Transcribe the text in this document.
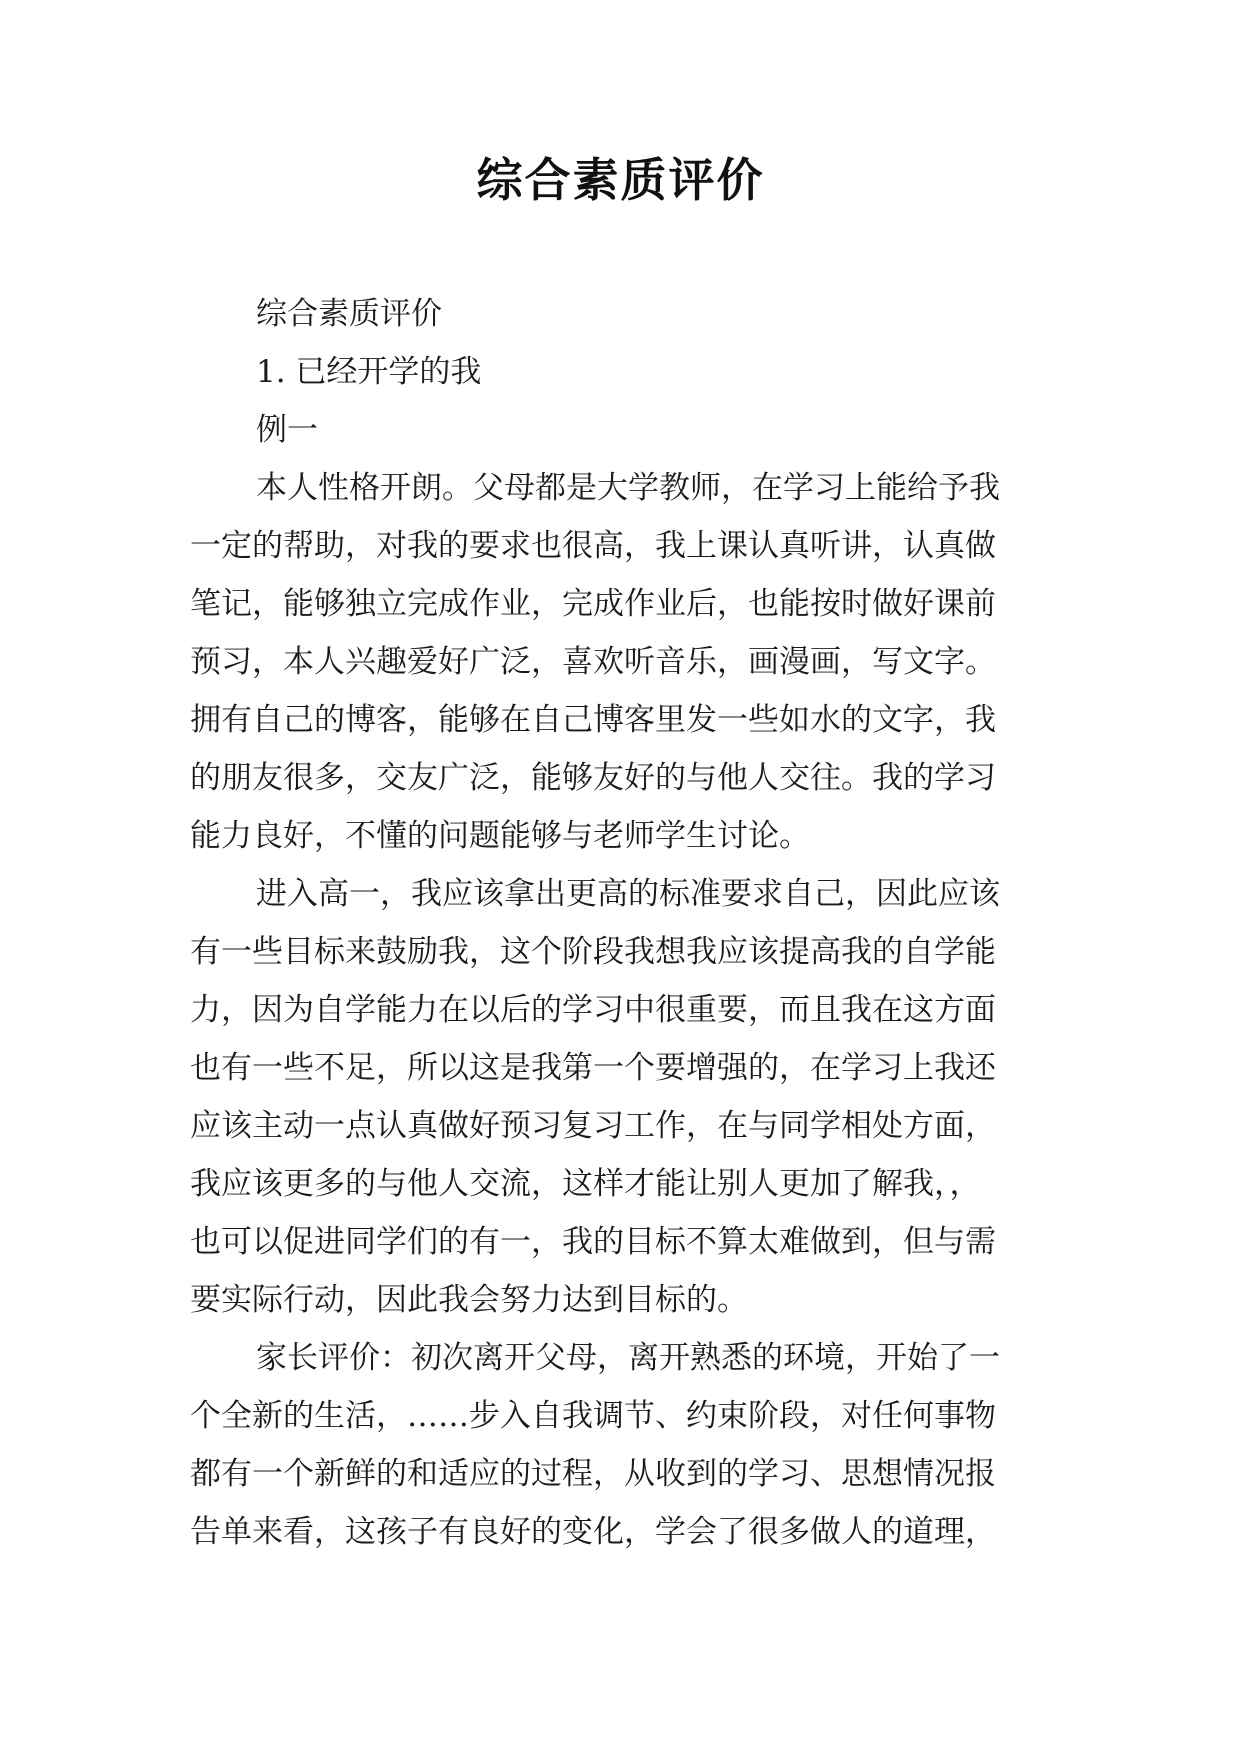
综合素质评价
综合素质评价
1. 已经开学的我
例一
本人性格开朗。父母都是大学教师，在学习上能给予我
一定的帮助，对我的要求也很高，我上课认真听讲，认真做
笔记，能够独立完成作业，完成作业后，也能按时做好课前
预习，本人兴趣爱好广泛，喜欢听音乐，画漫画，写文字。
拥有自己的博客，能够在自己博客里发一些如水的文字，我
的朋友很多，交友广泛，能够友好的与他人交往。我的学习
能力良好，不懂的问题能够与老师学生讨论。
进入高一，我应该拿出更高的标准要求自己，因此应该
有一些目标来鼓励我，这个阶段我想我应该提高我的自学能
力，因为自学能力在以后的学习中很重要，而且我在这方面
也有一些不足，所以这是我第一个要增强的，在学习上我还
应该主动一点认真做好预习复习工作，在与同学相处方面，
我应该更多的与他人交流，这样才能让别人更加了解我，，
也可以促进同学们的有一，我的目标不算太难做到，但与需
要实际行动，因此我会努力达到目标的。
家长评价：初次离开父母，离开熟悉的环境，开始了一
个全新的生活，……步入自我调节、约束阶段，对任何事物
都有一个新鲜的和适应的过程，从收到的学习、思想情况报
告单来看，这孩子有良好的变化，学会了很多做人的道理，
